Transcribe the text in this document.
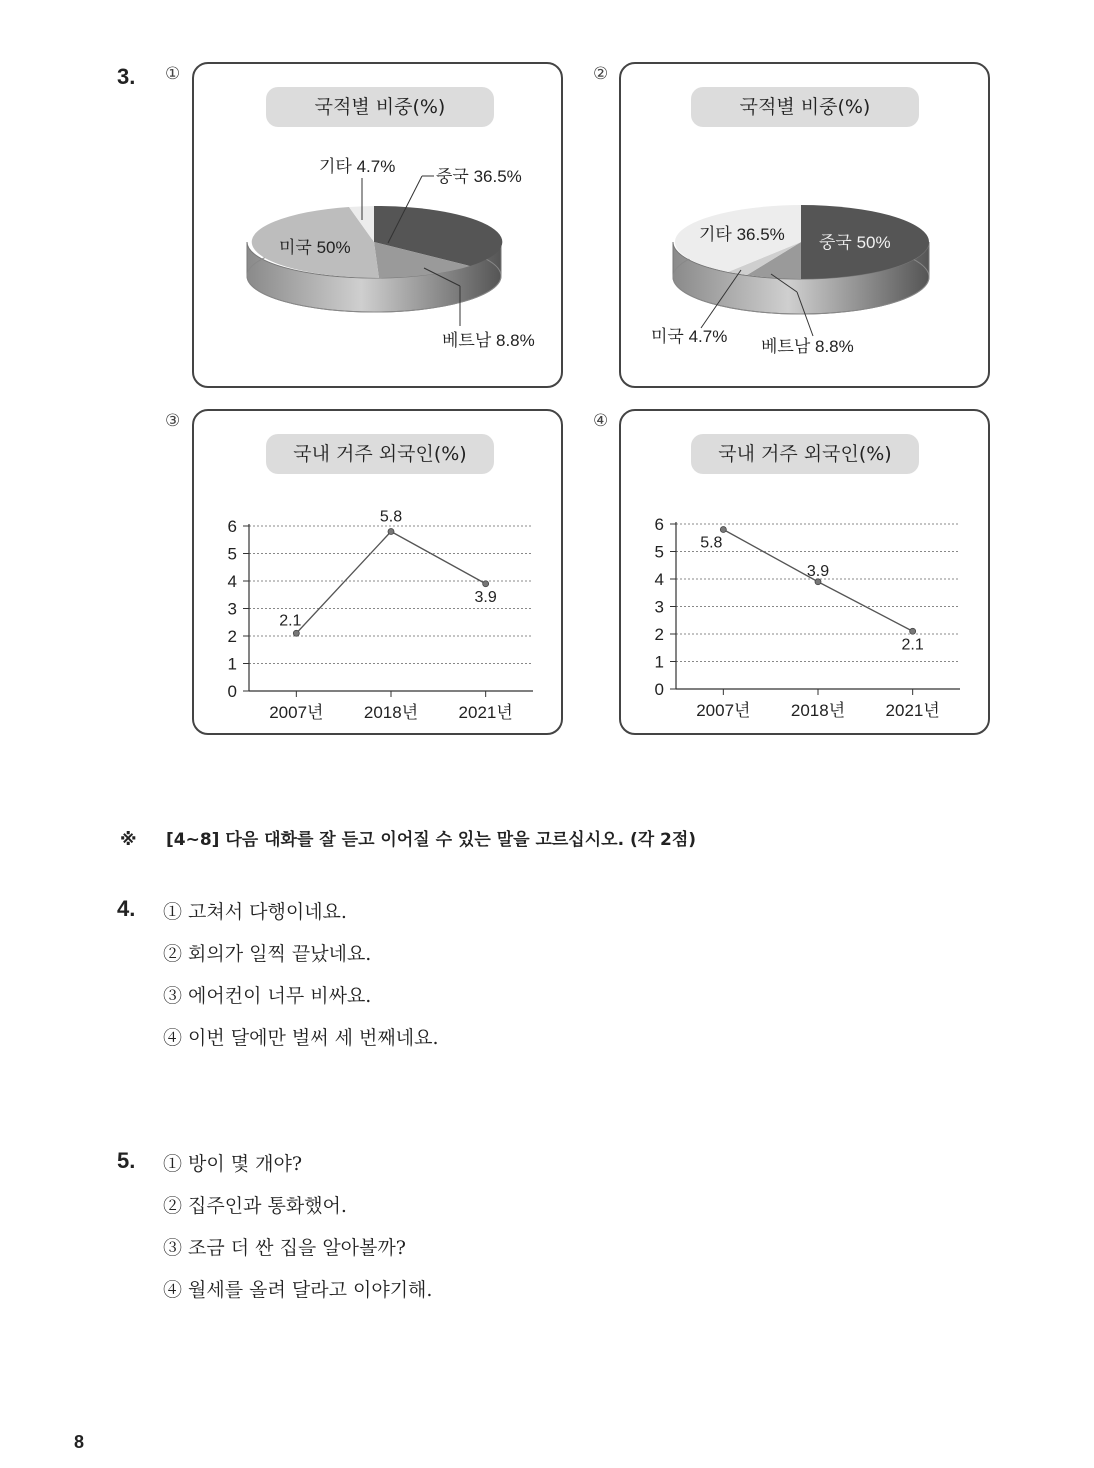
3. ①
국적별 비중(%)
중국 36.5%
기타 4.7%
미국 50%
베트남 8.8%
②
국적별 비중(%)
기타 36.5% 중국 50%
미국 4.7%
베트남 8.8%
③
국내 거주 외국인(%)
0
1
2
3
4
5
6
2007년 2018년 2021년
2.1
5.8
3.9
④
국내 거주 외국인(%)
0
1
2
3
4
5
6
2007년 2018년 2021년
5.8
3.9
2.1
※ [4~8] 다음 대화를 잘 듣고 이어질 수 있는 말을 고르십시오. (각 2점)
4. ① 고쳐서 다행이네요.
② 회의가 일찍 끝났네요.
③ 에어컨이 너무 비싸요.
④ 이번 달에만 벌써 세 번째네요.
5. ① 방이 몇 개야?
② 집주인과 통화했어.
③ 조금 더 싼 집을 알아볼까?
④ 월세를 올려 달라고 이야기해.
8
